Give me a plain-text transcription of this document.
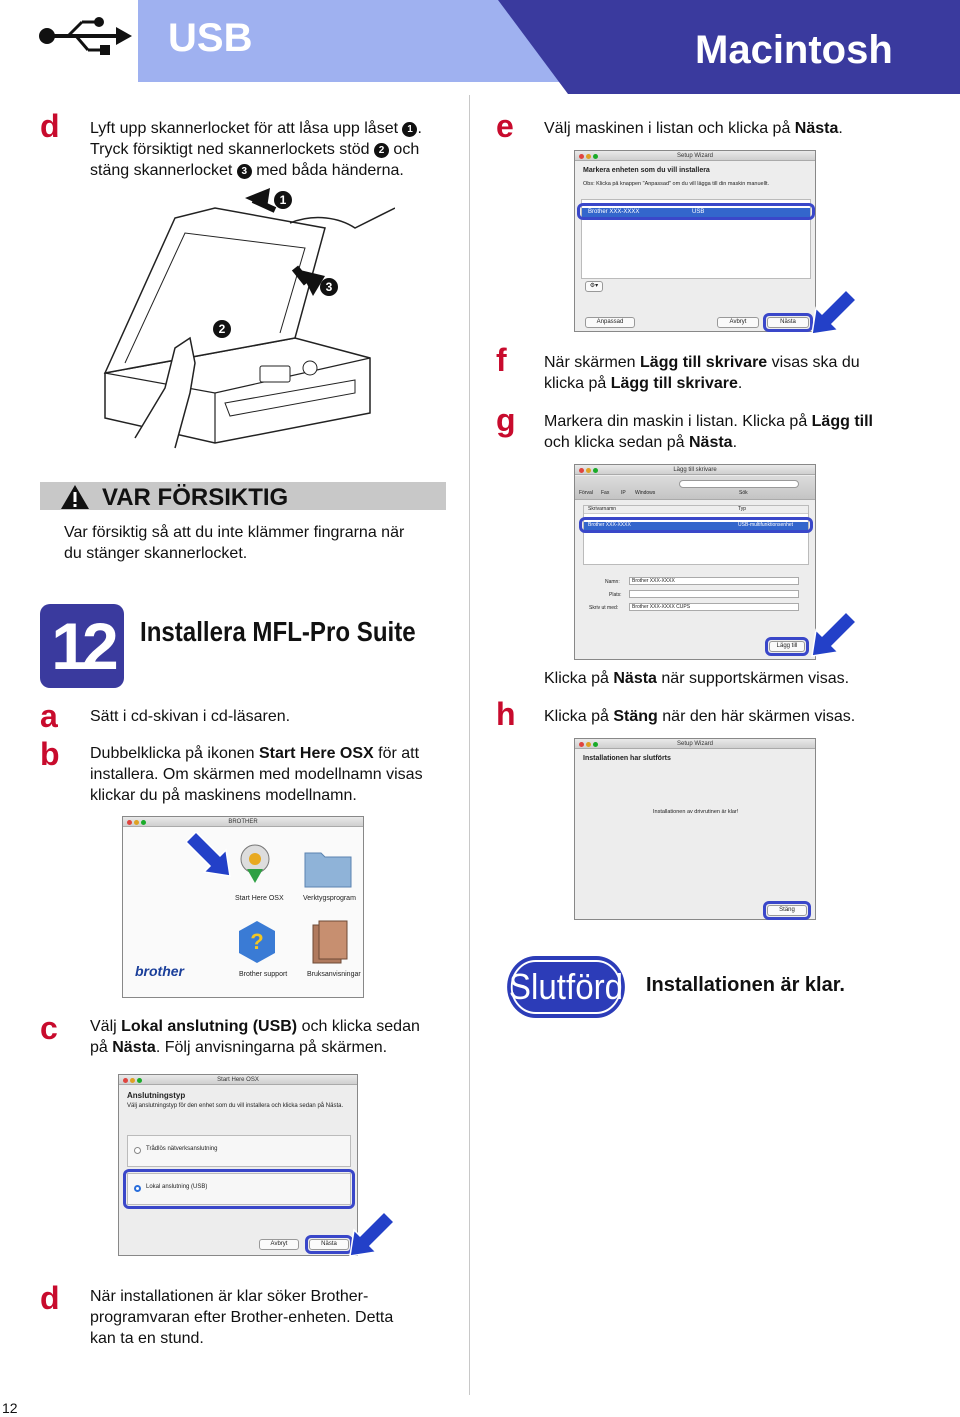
USB	Macintosh
d Lyft upp skannerlocket för att låsa upp låset 1 .
Tryck försiktigt ned skannerlockets stöd 2 och
stäng skannerlocket 3 med båda händerna.
1
2
3
VAR FÖRSIKTIG
Var försiktig så att du inte klämmer fingrarna när
du stänger skannerlocket.
12 Installera MFL-Pro Suite
a Sätt i cd-skivan i cd-läsaren.
b Dubbelklicka på ikonen Start Here OSX för att
installera. Om skärmen med modellnamn visas
klickar du på maskinens modellnamn.
BROTHER
Start Here OSX	Verktygsprogram
?
Brother support	Bruksanvisningar
brother
c Välj Lokal anslutning (USB) och klicka sedan
på Nästa. Följ anvisningarna på skärmen.
Start Here OSX
Anslutningstyp
Välj anslutningstyp för den enhet som du vill installera och klicka sedan på Nästa.
Trådlös nätverksanslutning
Lokal anslutning (USB)
Avbryt	Nästa
d När installationen är klar söker Brother-
programvaran efter Brother-enheten. Detta
kan ta en stund.
e Välj maskinen i listan och klicka på Nästa.
Setup Wizard
Markera enheten som du vill installera
Obs: Klicka på knappen "Anpassad" om du vill lägga till din maskin manuellt.
Brother XXX-XXXX	USB
⚙▾
Anpassad	Avbryt	Nästa
f När skärmen Lägg till skrivare visas ska du
klicka på Lägg till skrivare.
g Markera din maskin i listan. Klicka på Lägg till
och klicka sedan på Nästa.
Lägg till skrivare
Förval Fax IP Windows	Sök
Skrivarnamn	Typ
Brother XXX-XXXX	USB-multifunktionsenhet
Namn:	Brother XXX-XXXX
Plats:
Skriv ut med:	Brother XXX-XXXX CUPS
Lägg till
Klicka på Nästa när supportskärmen visas.
h Klicka på Stäng när den här skärmen visas.
Setup Wizard
Installationen har slutförts
Installationen av drivrutinen är klar!
Stäng
Slutförd Installationen är klar.
12
